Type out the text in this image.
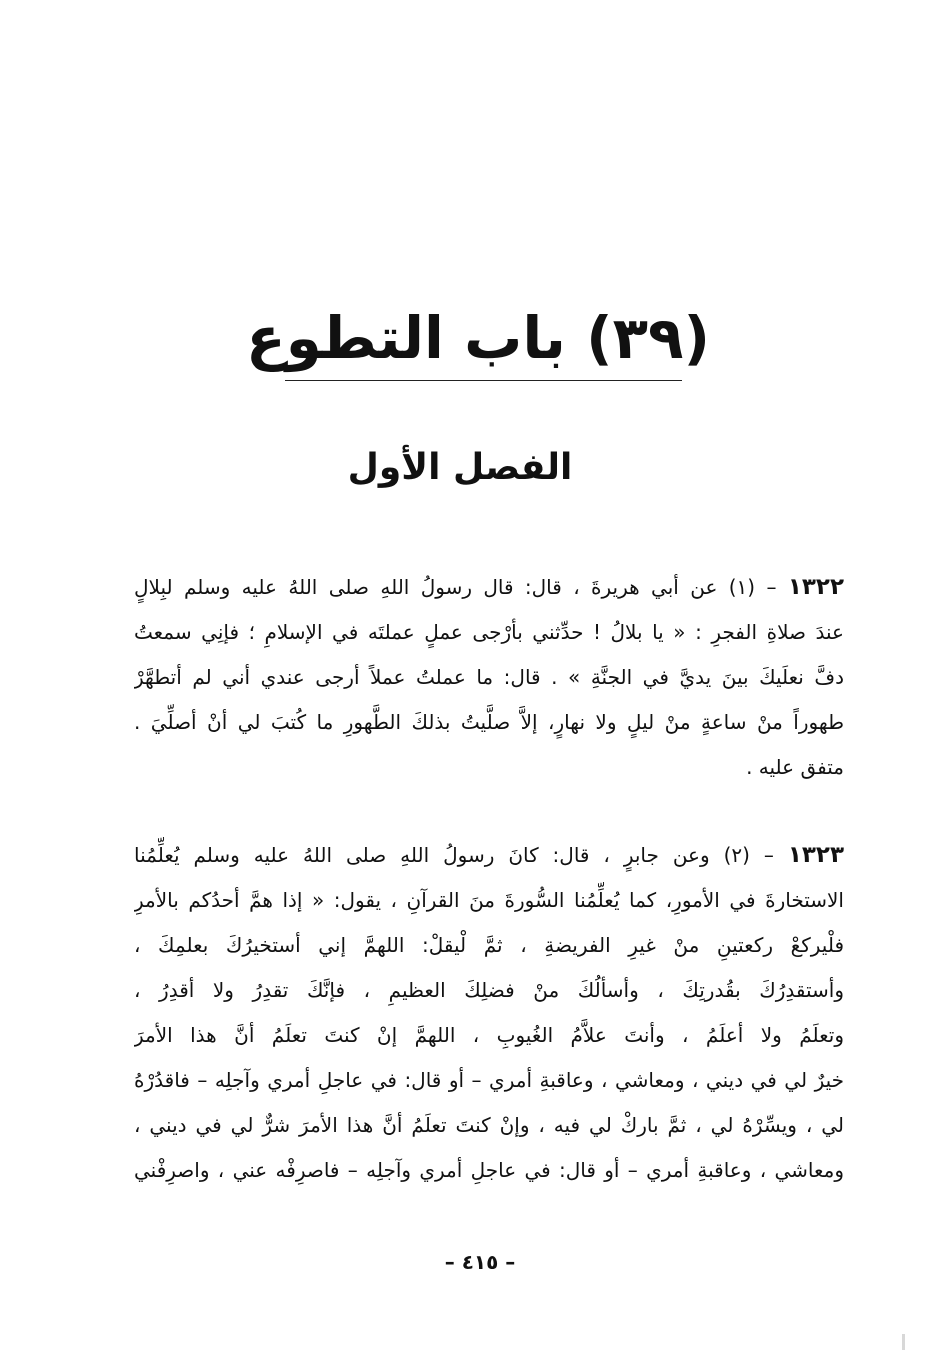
(٣٩) باب التطوع
الفصل الأول
١٣٢٢ – (١) عن أبي هريرةَ ، قال: قال رسولُ اللهِ صلى اللهُ عليه وسلم لبِلالٍ
عندَ صلاةِ الفجرِ : « يا بلالُ ! حدِّثني بأرْجى عملٍ عملتَه في الإسلامِ ؛ فإنِي سمعتُ
دفَّ نعلَيكَ بينَ يديَّ في الجنَّةِ » . قال: ما عملتُ عملاً أرجى عندي أني لم أتطهَّرْ
طهوراً منْ ساعةٍ منْ ليلٍ ولا نهارٍ، إلاَّ صلَّيتُ بذلكَ الطَّهورِ ما كُتبَ لي أنْ أصلِّيَ .
متفق عليه .
١٣٢٣ – (٢) وعن جابرٍ ، قال: كانَ رسولُ اللهِ صلى اللهُ عليه وسلم يُعلِّمُنا
الاستخارةَ في الأمورِ، كما يُعلِّمُنا السُّورةَ منَ القرآنِ ، يقول: « إذا همَّ أحدُكم بالأمرِ
فلْيركعْ ركعتينِ منْ غيرِ الفريضةِ ، ثمَّ لْيقلْ: اللهمَّ إني أستخيرُكَ بعلمِكَ ،
وأستقدِرُكَ بقُدرتِكَ ، وأسألُكَ منْ فضلِكَ العظيمِ ، فإنَّكَ تقدِرُ ولا أقدِرُ ،
وتعلَمُ ولا أعلَمُ ، وأنتَ علاَّمُ الغُيوبِ ، اللهمَّ إنْ كنتَ تعلَمُ أنَّ هذا الأمرَ
خيرٌ لي في ديني ، ومعاشي ، وعاقبةِ أمري – أو قال: في عاجلِ أمري وآجلِه – فاقدُرْهُ
لي ، ويسِّرْهُ لي ، ثمَّ باركْ لي فيه ، وإنْ كنتَ تعلَمُ أنَّ هذا الأمرَ شرٌّ لي في ديني ،
ومعاشي ، وعاقبةِ أمري – أو قال: في عاجلِ أمري وآجلِه – فاصرِفْه عني ، واصرِفْني
– ٤١٥ –
